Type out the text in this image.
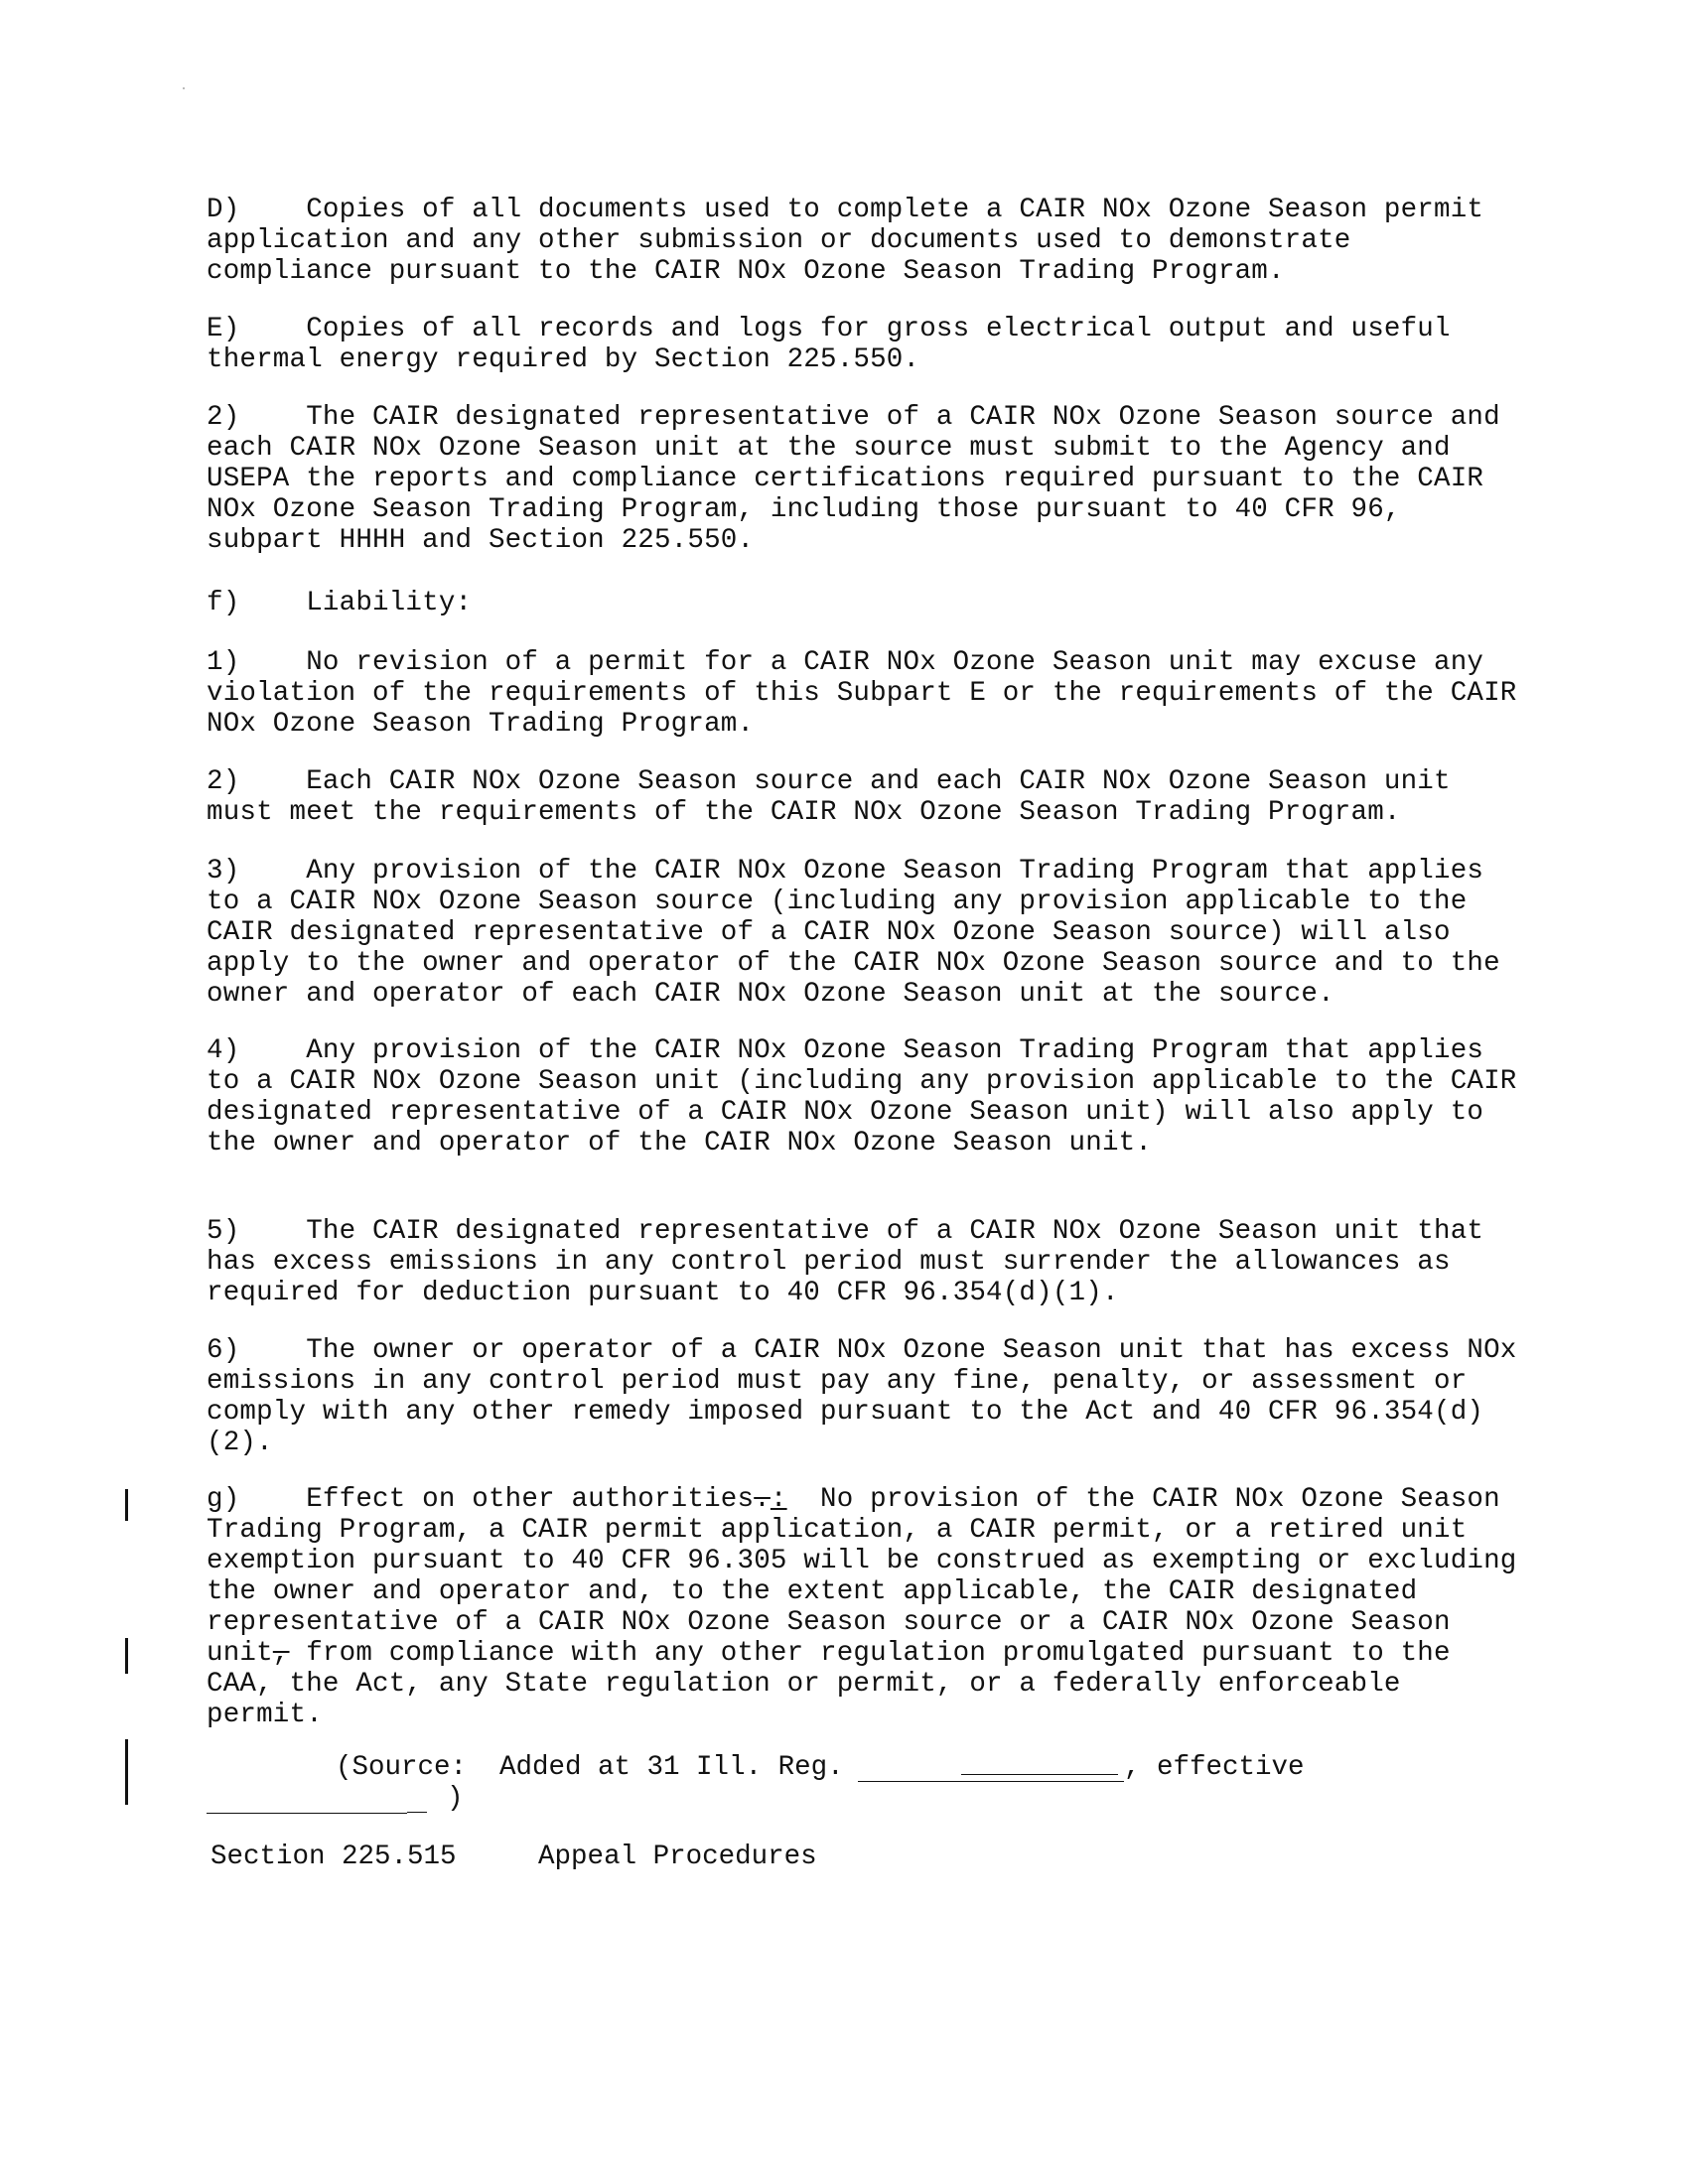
D)    Copies of all documents used to complete a CAIR NOx Ozone Season permit application and any other submission or documents used to demonstrate compliance pursuant to the CAIR NOx Ozone Season Trading Program.
E)    Copies of all records and logs for gross electrical output and useful thermal energy required by Section 225.550.
2)    The CAIR designated representative of a CAIR NOx Ozone Season source and each CAIR NOx Ozone Season unit at the source must submit to the Agency and USEPA the reports and compliance certifications required pursuant to the CAIR NOx Ozone Season Trading Program, including those pursuant to 40 CFR 96, subpart HHHH and Section 225.550.
f)    Liability:
1)    No revision of a permit for a CAIR NOx Ozone Season unit may excuse any violation of the requirements of this Subpart E or the requirements of the CAIR NOx Ozone Season Trading Program.
2)    Each CAIR NOx Ozone Season source and each CAIR NOx Ozone Season unit must meet the requirements of the CAIR NOx Ozone Season Trading Program.
3)    Any provision of the CAIR NOx Ozone Season Trading Program that applies to a CAIR NOx Ozone Season source (including any provision applicable to the CAIR designated representative of a CAIR NOx Ozone Season source) will also apply to the owner and operator of the CAIR NOx Ozone Season source and to the owner and operator of each CAIR NOx Ozone Season unit at the source.
4)    Any provision of the CAIR NOx Ozone Season Trading Program that applies to a CAIR NOx Ozone Season unit (including any provision applicable to the CAIR designated representative of a CAIR NOx Ozone Season unit) will also apply to the owner and operator of the CAIR NOx Ozone Season unit.
5)    The CAIR designated representative of a CAIR NOx Ozone Season unit that has excess emissions in any control period must surrender the allowances as required for deduction pursuant to 40 CFR 96.354(d)(1).
6)    The owner or operator of a CAIR NOx Ozone Season unit that has excess NOx emissions in any control period must pay any fine, penalty, or assessment or comply with any other remedy imposed pursuant to the Act and 40 CFR 96.354(d)(2).
g)    Effect on other authorities.:  No provision of the CAIR NOx Ozone Season Trading Program, a CAIR permit application, a CAIR permit, or a retired unit exemption pursuant to 40 CFR 96.305 will be construed as exempting or excluding the owner and operator and, to the extent applicable, the CAIR designated representative of a CAIR NOx Ozone Season source or a CAIR NOx Ozone Season unit, from compliance with any other regulation promulgated pursuant to the CAA, the Act, any State regulation or permit, or a federally enforceable permit.

(Source:  Added at 31 Ill. Reg.

	, effective

)
Section 225.515     Appeal Procedures
